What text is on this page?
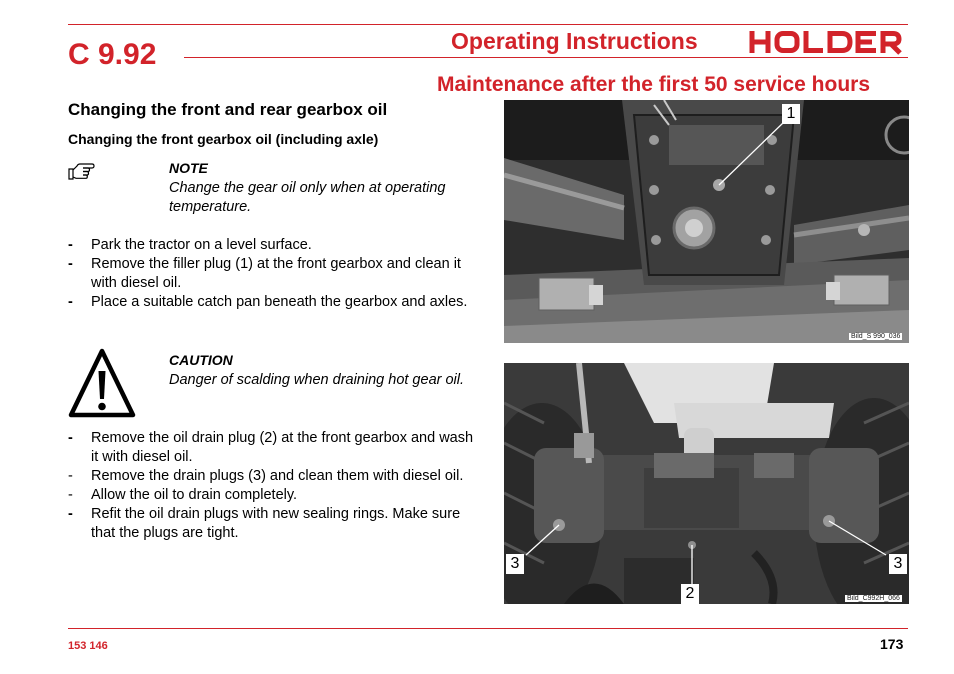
C 9.92	Operating Instructions
Maintenance after the first 50 service hours
Changing the front and rear gearbox oil
Changing the front gearbox oil (including axle)
NOTE
Change the gear oil only when at operating temperature.
- Park the tractor on a level surface.
- Remove the filler plug (1) at the front gearbox and clean it with diesel oil.
- Place a suitable catch pan beneath the gearbox and axles.
CAUTION
Danger of scalding when draining hot gear oil.
- Remove the oil drain plug (2) at the front gearbox and wash it with diesel oil.
- Remove the drain plugs (3) and clean them with diesel oil.
- Allow the oil to drain completely.
- Refit the oil drain plugs with new sealing rings. Make sure that the plugs are tight.
1
Bild_S 990_036
3	3
2	Bild_C992H_066
153 146	173
